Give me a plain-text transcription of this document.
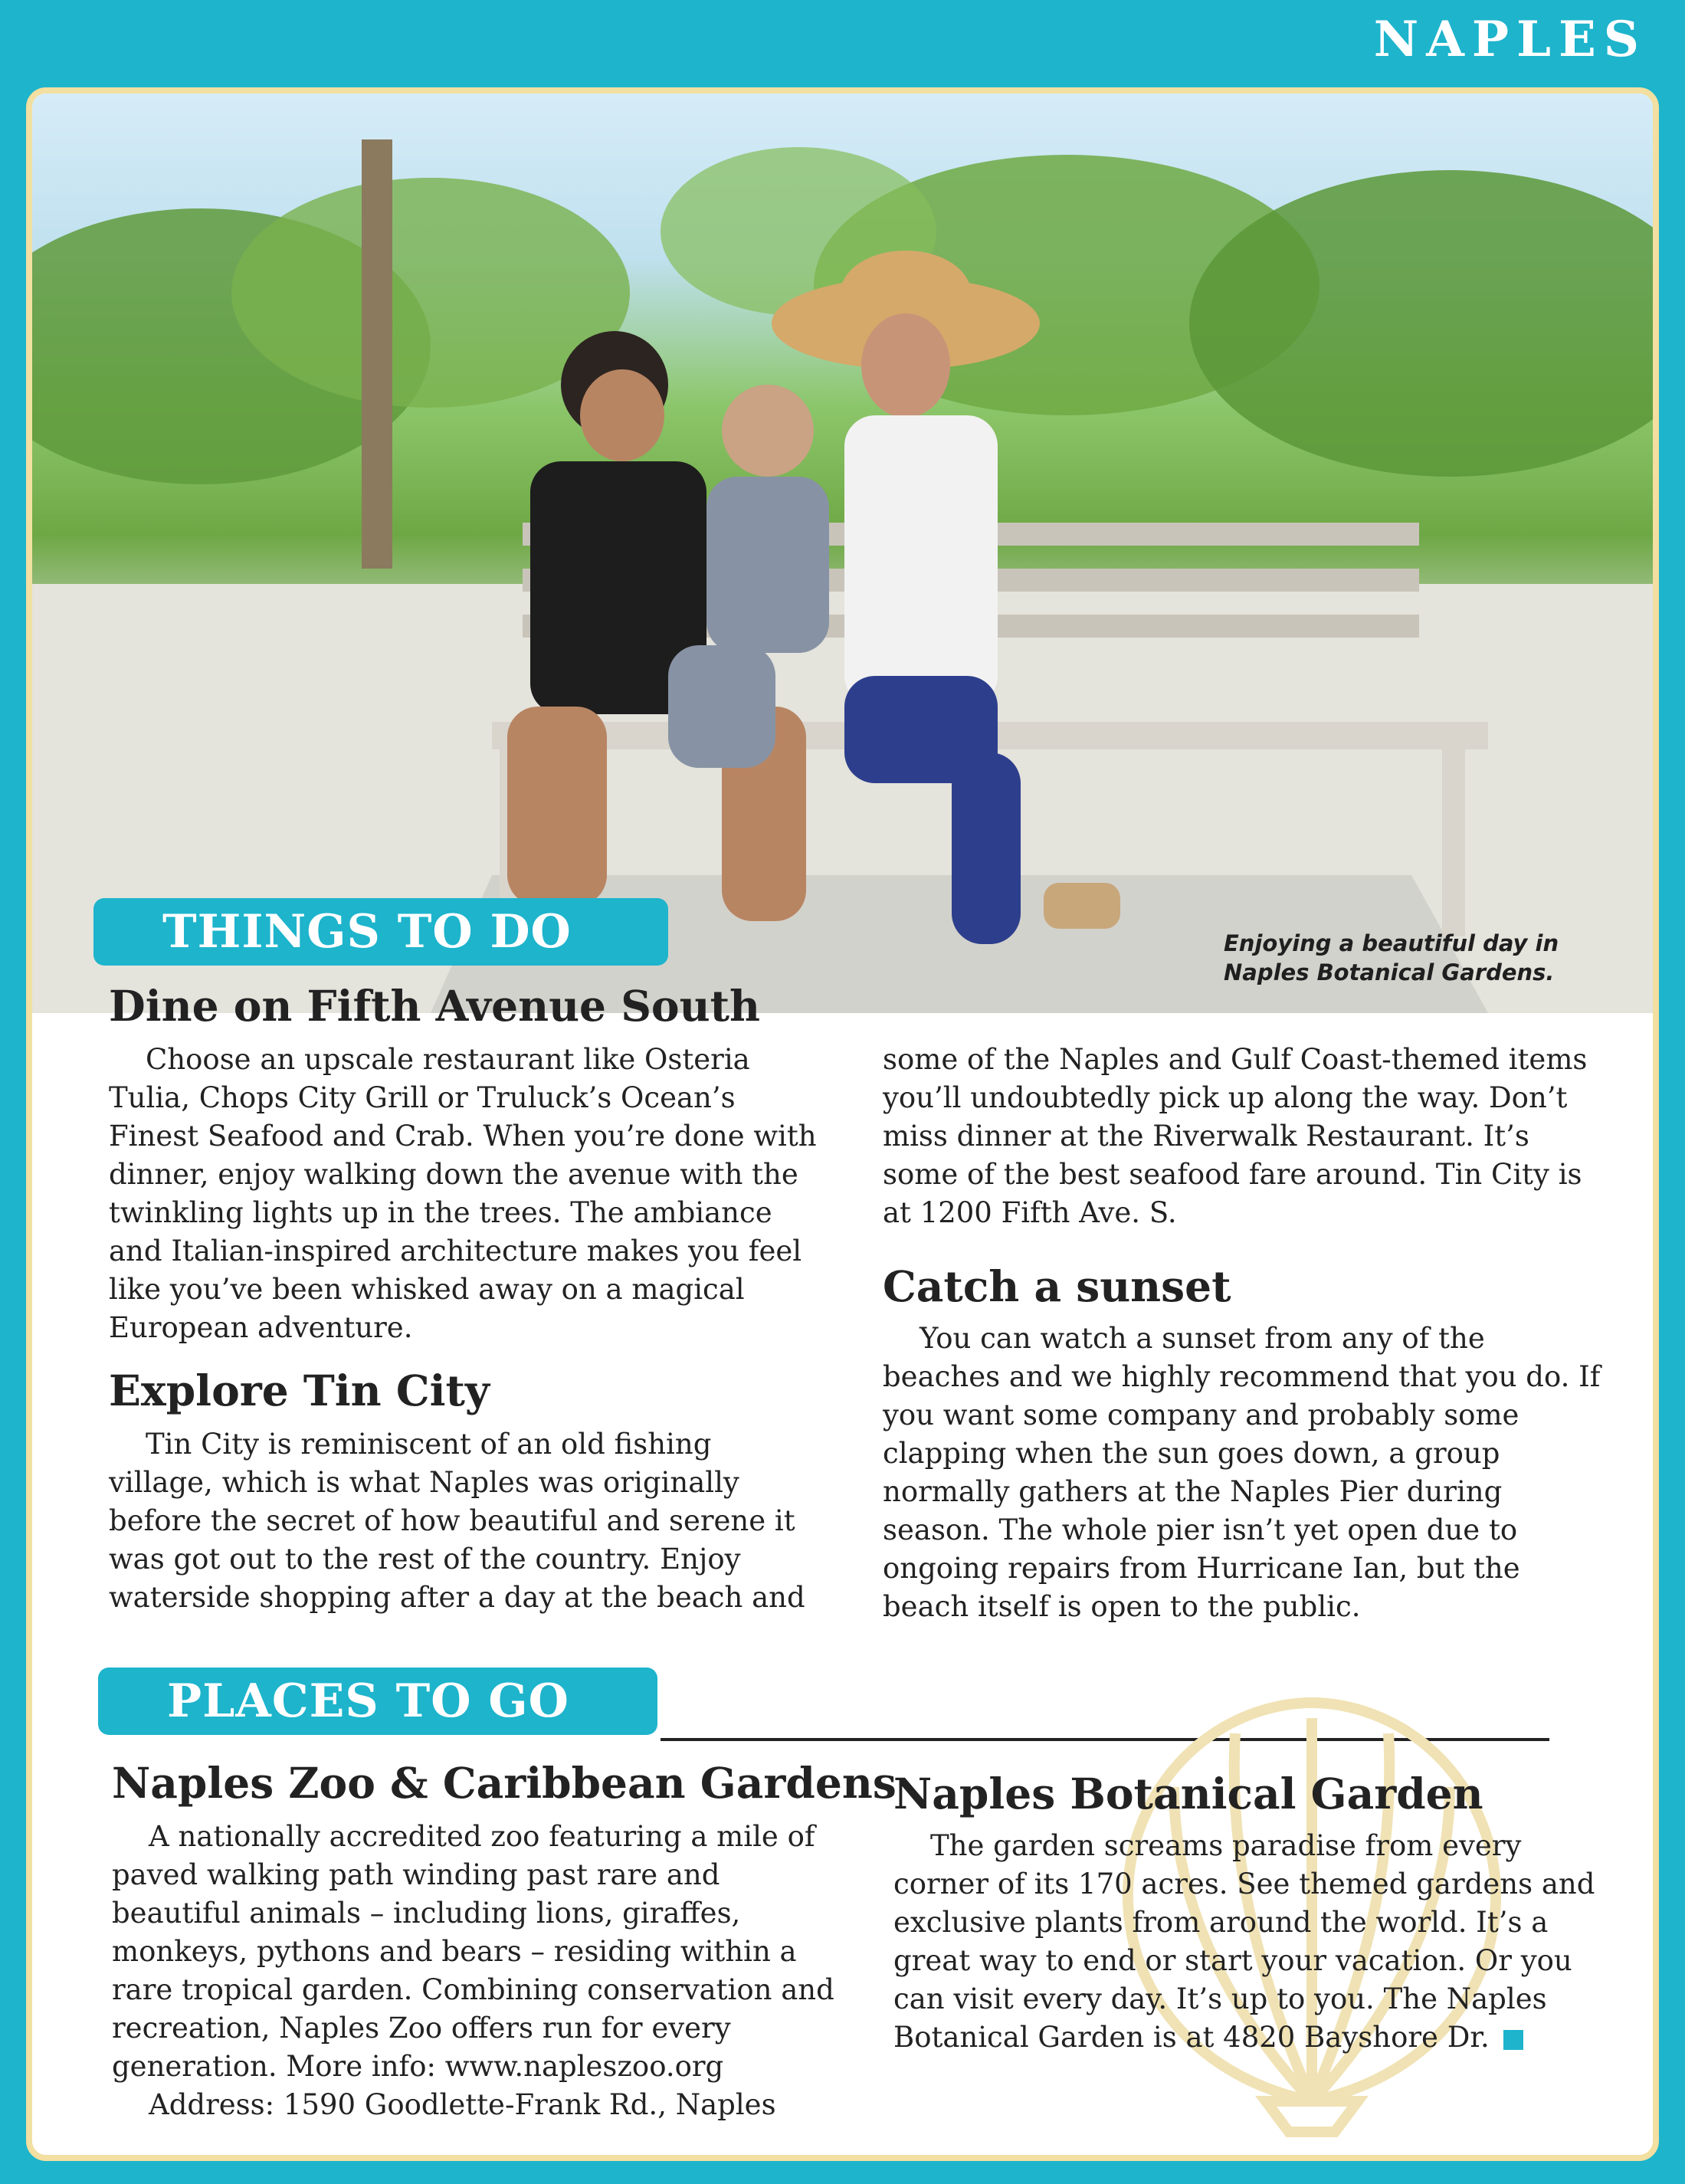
NAPLES
Enjoying a beautiful day in Naples Botanical Gardens.
THINGS TO DO
Dine on Fifth Avenue South

Choose an upscale restaurant like Osteria Tulia, Chops City Grill or Truluck’s Ocean’s Finest Seafood and Crab. When you’re done with dinner, enjoy walking down the avenue with the twinkling lights up in the trees. The ambiance and Italian-inspired architecture makes you feel like you’ve been whisked away on a magical European adventure.

Explore Tin City

Tin City is reminiscent of an old fishing village, which is what Naples was originally before the secret of how beautiful and serene it was got out to the rest of the country. Enjoy waterside shopping after a day at the beach and

some of the Naples and Gulf Coast-themed items you’ll undoubtedly pick up along the way. Don’t miss dinner at the Riverwalk Restaurant. It’s some of the best seafood fare around. Tin City is at 1200 Fifth Ave. S.

Catch a sunset

You can watch a sunset from any of the beaches and we highly recommend that you do. If you want some company and probably some clapping when the sun goes down, a group normally gathers at the Naples Pier during season. The whole pier isn’t yet open due to ongoing repairs from Hurricane Ian, but the beach itself is open to the public.

PLACES TO GO
Naples Zoo & Caribbean Gardens

A nationally accredited zoo featuring a mile of paved walking path winding past rare and beautiful animals – including lions, giraffes, monkeys, pythons and bears – residing within a rare tropical garden. Combining conservation and recreation, Naples Zoo offers run for every generation. More info: www.napleszoo.org

Address: 1590 Goodlette-Frank Rd., Naples

Naples Botanical Garden

The garden screams paradise from every corner of its 170 acres. See themed gardens and exclusive plants from around the world. It’s a great way to end or start your vacation. Or you can visit every day. It’s up to you. The Naples Botanical Garden is at 4820 Bayshore Dr.
